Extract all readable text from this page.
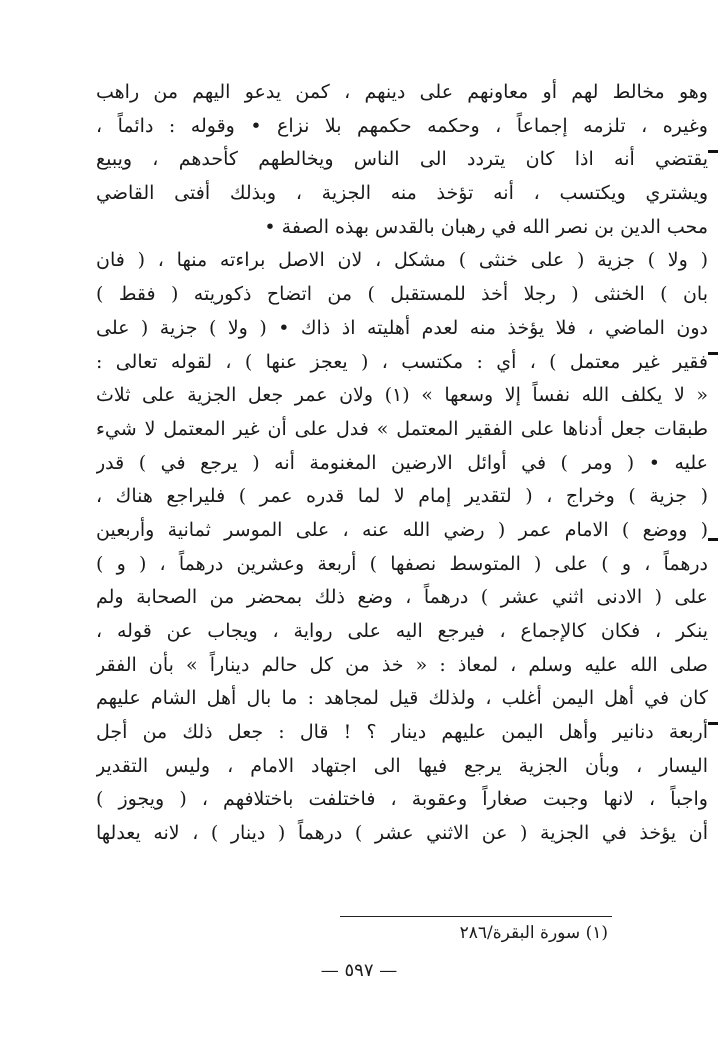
وهو مخالط لهم أو معاونهم على دينهم ، كمن يدعو اليهم من راهب
وغيره ، تلزمه إجماعاً ، وحكمه حكمهم بلا نزاع • وقوله : دائماً ،
يقتضي أنه اذا كان يتردد الى الناس ويخالطهم كأحدهم ، ويبيع
ويشتري ويكتسب ، أنه تؤخذ منه الجزية ، وبذلك أفتى القاضي
محب الدين بن نصر الله في رهبان بالقدس بهذه الصفة •
( ولا ) جزية ( على خنثى ) مشكل ، لان الاصل براءته منها ، ( فان
بان ) الخنثى ( رجلا أخذ للمستقبل ) من اتضاح ذكوريته ( فقط )
دون الماضي ، فلا يؤخذ منه لعدم أهليته اذ ذاك • ( ولا ) جزية ( على
فقير غير معتمل ) ، أي : مكتسب ، ( يعجز عنها ) ، لقوله تعالى :
« لا يكلف الله نفساً إلا وسعها » (١) ولان عمر جعل الجزية على ثلاث
طبقات جعل أدناها على الفقير المعتمل » فدل على أن غير المعتمل لا شيء
عليه • ( ومر ) في أوائل الارضين المغنومة أنه ( يرجع في ) قدر
( جزية ) وخراج ، ( لتقدير إمام لا لما قدره عمر ) فليراجع هناك ،
( ووضع ) الامام عمر ( رضي الله عنه ، على الموسر ثمانية وأربعين
درهماً ، و ) على ( المتوسط نصفها ) أربعة وعشرين درهماً ، ( و )
على ( الادنى اثني عشر ) درهماً ، وضع ذلك بمحضر من الصحابة ولم
ينكر ، فكان كالإجماع ، فيرجع اليه على رواية ، ويجاب عن قوله ،
صلى الله عليه وسلم ، لمعاذ : « خذ من كل حالم ديناراً » بأن الفقر
كان في أهل اليمن أغلب ، ولذلك قيل لمجاهد : ما بال أهل الشام عليهم
أربعة دنانير وأهل اليمن عليهم دينار ؟ ! قال : جعل ذلك من أجل
اليسار ، وبأن الجزية يرجع فيها الى اجتهاد الامام ، وليس التقدير
واجباً ، لانها وجبت صغاراً وعقوبة ، فاختلفت باختلافهم ، ( ويجوز )
أن يؤخذ في الجزية ( عن الاثني عشر ) درهماً ( دينار ) ، لانه يعدلها
(١) سورة البقرة/٢٨٦
— ٥٩٧ —
